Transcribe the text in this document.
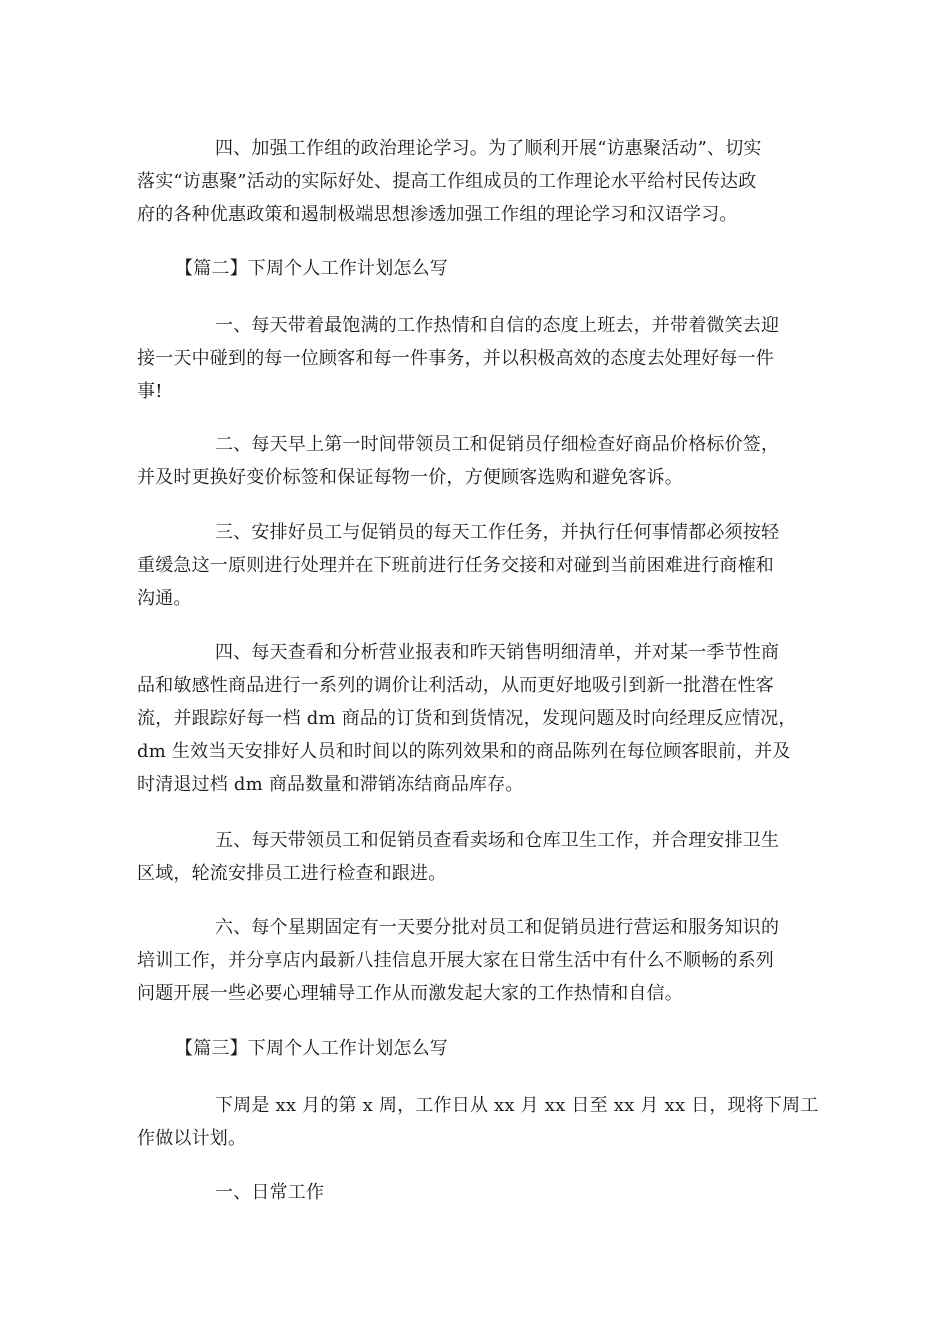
四、加强工作组的政治理论学习。为了顺利开展“访惠聚活动”、切实
落实“访惠聚”活动的实际好处、提高工作组成员的工作理论水平给村民传达政
府的各种优惠政策和遏制极端思想渗透加强工作组的理论学习和汉语学习。
【篇二】下周个人工作计划怎么写
一、每天带着最饱满的工作热情和自信的态度上班去，并带着微笑去迎
接一天中碰到的每一位顾客和每一件事务，并以积极高效的态度去处理好每一件
事!
二、每天早上第一时间带领员工和促销员仔细检查好商品价格标价签，
并及时更换好变价标签和保证每物一价，方便顾客选购和避免客诉。
三、安排好员工与促销员的每天工作任务，并执行任何事情都必须按轻
重缓急这一原则进行处理并在下班前进行任务交接和对碰到当前困难进行商榷和
沟通。
四、每天查看和分析营业报表和昨天销售明细清单，并对某一季节性商
品和敏感性商品进行一系列的调价让利活动，从而更好地吸引到新一批潜在性客
流，并跟踪好每一档 dm 商品的订货和到货情况，发现问题及时向经理反应情况，
dm 生效当天安排好人员和时间以的陈列效果和的商品陈列在每位顾客眼前，并及
时清退过档 dm 商品数量和滞销冻结商品库存。
五、每天带领员工和促销员查看卖场和仓库卫生工作，并合理安排卫生
区域，轮流安排员工进行检查和跟进。
六、每个星期固定有一天要分批对员工和促销员进行营运和服务知识的
培训工作，并分享店内最新八挂信息开展大家在日常生活中有什么不顺畅的系列
问题开展一些必要心理辅导工作从而激发起大家的工作热情和自信。
【篇三】下周个人工作计划怎么写
下周是 xx 月的第 x 周，工作日从 xx 月 xx 日至 xx 月 xx 日，现将下周工
作做以计划。
一、日常工作
